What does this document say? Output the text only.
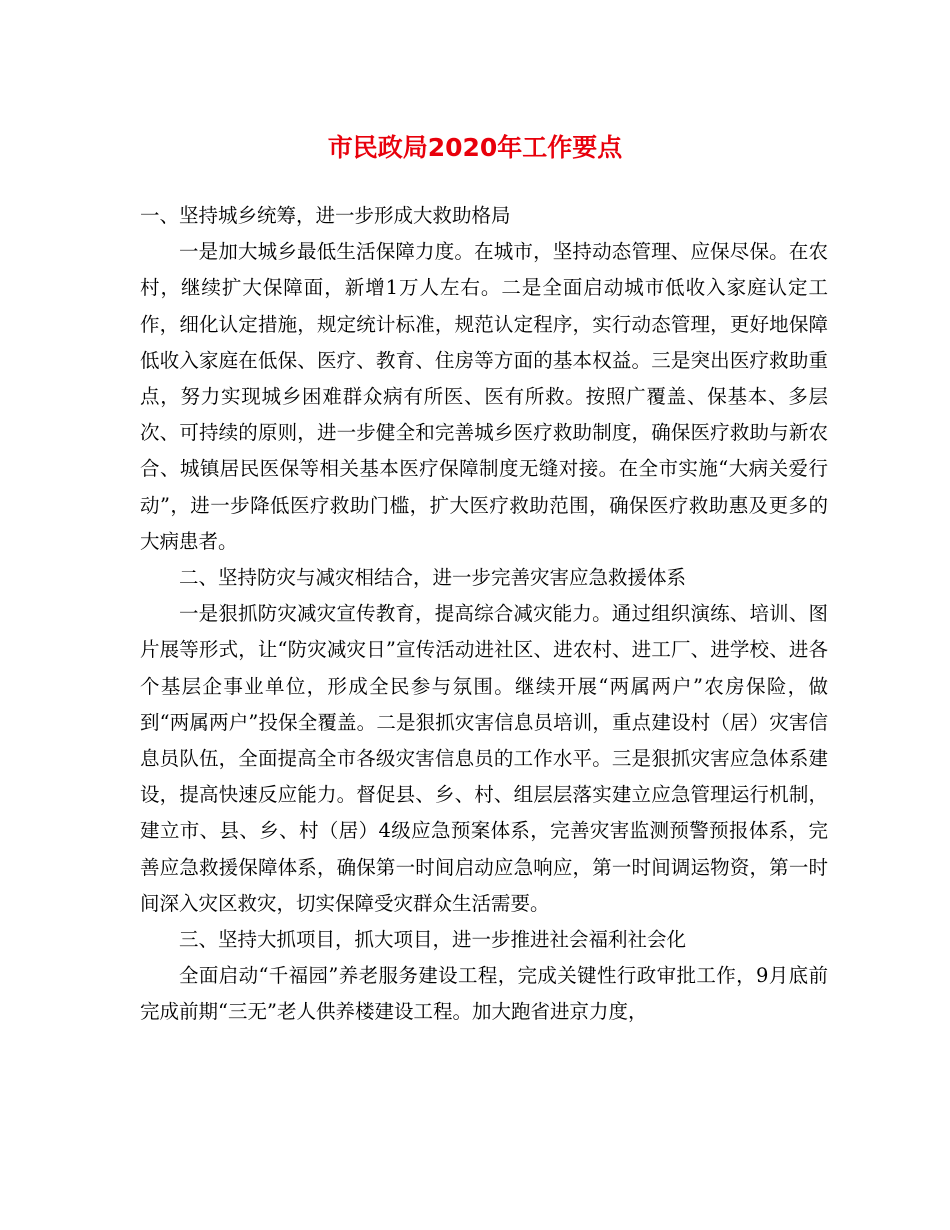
市民政局2020年工作要点

一、坚持城乡统筹，进一步形成大救助格局

一是加大城乡最低生活保障力度。在城市，坚持动态管理、应保尽保。在农村，继续扩大保障面，新增1万人左右。二是全面启动城市低收入家庭认定工作，细化认定措施，规定统计标准，规范认定程序，实行动态管理，更好地保障低收入家庭在低保、医疗、教育、住房等方面的基本权益。三是突出医疗救助重点，努力实现城乡困难群众病有所医、医有所救。按照广覆盖、保基本、多层次、可持续的原则，进一步健全和完善城乡医疗救助制度，确保医疗救助与新农合、城镇居民医保等相关基本医疗保障制度无缝对接。在全市实施“大病关爱行动”，进一步降低医疗救助门槛，扩大医疗救助范围，确保医疗救助惠及更多的大病患者。

二、坚持防灾与减灾相结合，进一步完善灾害应急救援体系

一是狠抓防灾减灾宣传教育，提高综合减灾能力。通过组织演练、培训、图片展等形式，让“防灾减灾日”宣传活动进社区、进农村、进工厂、进学校、进各个基层企事业单位，形成全民参与氛围。继续开展“两属两户”农房保险，做到“两属两户”投保全覆盖。二是狠抓灾害信息员培训，重点建设村（居）灾害信息员队伍，全面提高全市各级灾害信息员的工作水平。三是狠抓灾害应急体系建设，提高快速反应能力。督促县、乡、村、组层层落实建立应急管理运行机制，建立市、县、乡、村（居）4级应急预案体系，完善灾害监测预警预报体系，完善应急救援保障体系，确保第一时间启动应急响应，第一时间调运物资，第一时间深入灾区救灾，切实保障受灾群众生活需要。

三、坚持大抓项目，抓大项目，进一步推进社会福利社会化

全面启动“千福园”养老服务建设工程，完成关键性行政审批工作，9月底前完成前期“三无”老人供养楼建设工程。加大跑省进京力度，
